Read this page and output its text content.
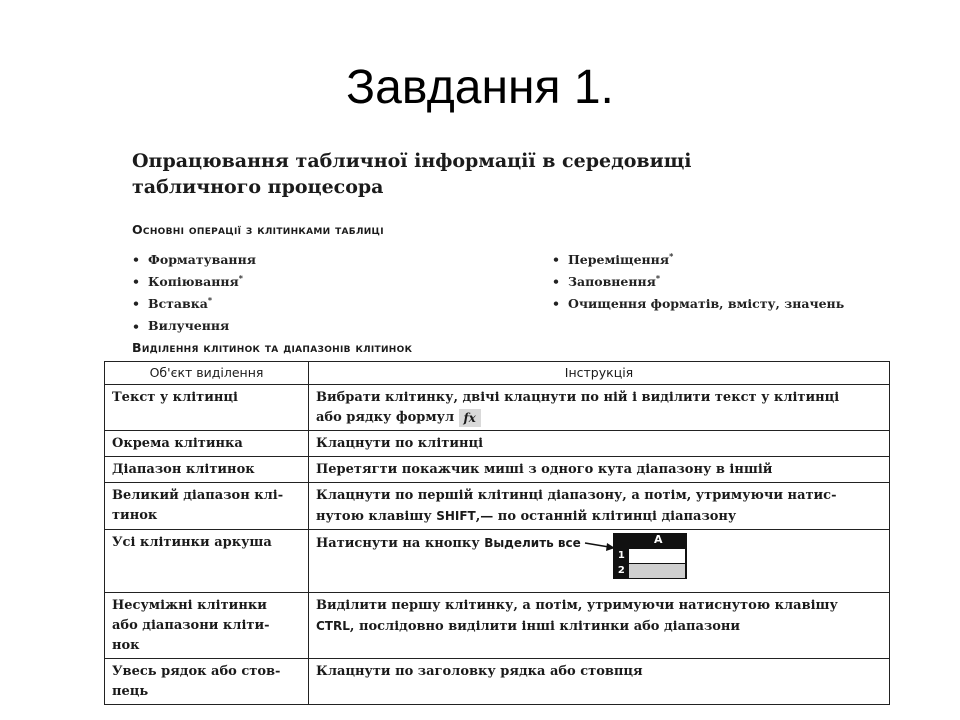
Завдання 1.
Опрацювання табличної інформації в середовищі
табличного процесора
Основні операції з клітинками таблиці
• Форматування
• Копіювання*
• Вставка*
• Вилучення
• Переміщення*
• Заповнення*
• Очищення форматів, вмісту, значень
Виділення клітинок та діапазонів клітинок
Об'єкт виділення	Інструкція
Текст у клітинці	Вибрати клітинку, двічі клацнути по ній і виділити текст у клітинці
або рядку формул fx
Окрема клітинка	Клацнути по клітинці
Діапазон клітинок	Перетягти покажчик миші з одного кута діапазону в іншій
Великий діапазон клі-
тинок	Клацнути по першій клітинці діапазону, а потім, утримуючи натис-
нутою клавішу SHIFT,— по останній клітинці діапазону
Усі клітинки аркуша	Натиснути на кнопку Выделить все A
1
2

Несуміжні клітинки
або діапазони кліти-
нок	Виділити першу клітинку, а потім, утримуючи натиснутою клавішу
CTRL, послідовно виділити інші клітинки або діапазони
Увесь рядок або стов-
пець	Клацнути по заголовку рядка або стовпця
